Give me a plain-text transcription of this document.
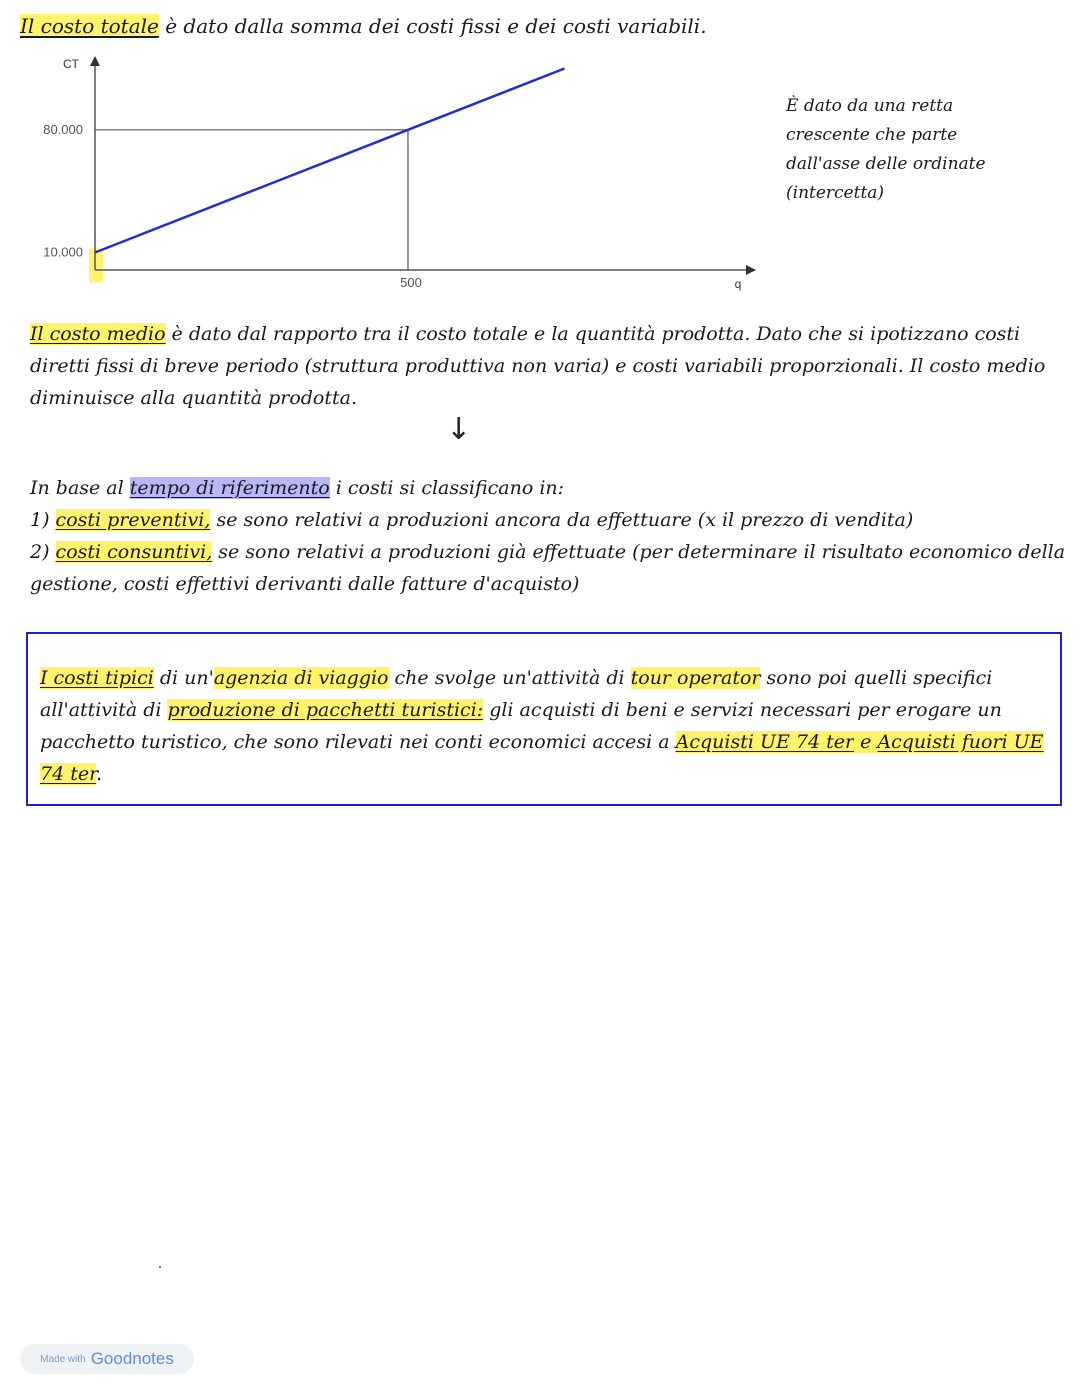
Il costo totale è dato dalla somma dei costi fissi e dei costi variabili.

CT
80.000
10.000
500	q
È dato da una retta
crescente che parte
dall'asse delle ordinate
(intercetta)

Il costo medio è dato dal rapporto tra il costo totale e la quantità prodotta. Dato che si ipotizzano costi diretti fissi di breve periodo (struttura produttiva non varia) e costi variabili proporzionali. Il costo medio diminuisce alla quantità prodotta.

↓

In base al tempo di riferimento i costi si classificano in:

1) costi preventivi, se sono relativi a produzioni ancora da effettuare (x il prezzo di vendita)

2) costi consuntivi, se sono relativi a produzioni già effettuate (per determinare il risultato economico della gestione, costi effettivi derivanti dalle fatture d'acquisto)

I costi tipici di un'agenzia di viaggio che svolge un'attività di tour operator sono poi quelli specifici all'attività di produzione di pacchetti turistici: gli acquisti di beni e servizi necessari per erogare un pacchetto turistico, che sono rilevati nei conti economici accesi a Acquisti UE 74 ter e Acquisti fuori UE 74 ter.

Made with Goodnotes
